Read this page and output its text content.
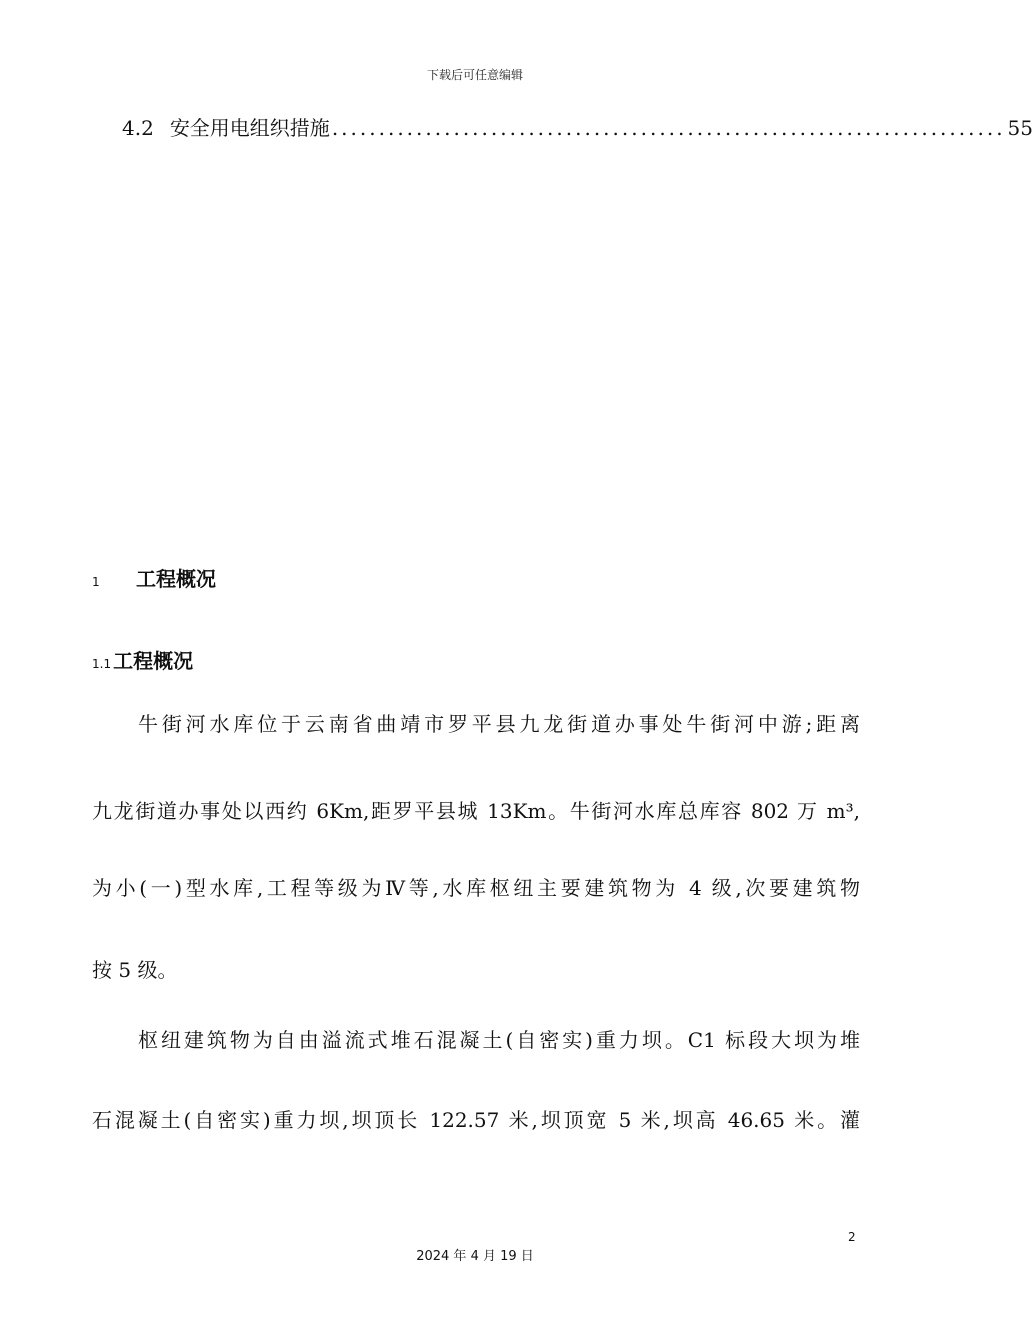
下载后可任意编辑
4.2 安全用电组织措施 ........................................................................ 55
1	工程概况
1.1 工程概况
牛街河水库位于云南省曲靖市罗平县九龙街道办事处牛街河中游;距离
九龙街道办事处以西约 6Km,距罗平县城 13Km。牛街河水库总库容 802 万 m³,
为小(一)型水库,工程等级为Ⅳ等,水库枢纽主要建筑物为 4 级,次要建筑物
按 5 级。
枢纽建筑物为自由溢流式堆石混凝土(自密实)重力坝。C1 标段大坝为堆
石混凝土(自密实)重力坝,坝顶长 122.57 米,坝顶宽 5 米,坝高 46.65 米。灌
2
2024 年 4 月 19 日
